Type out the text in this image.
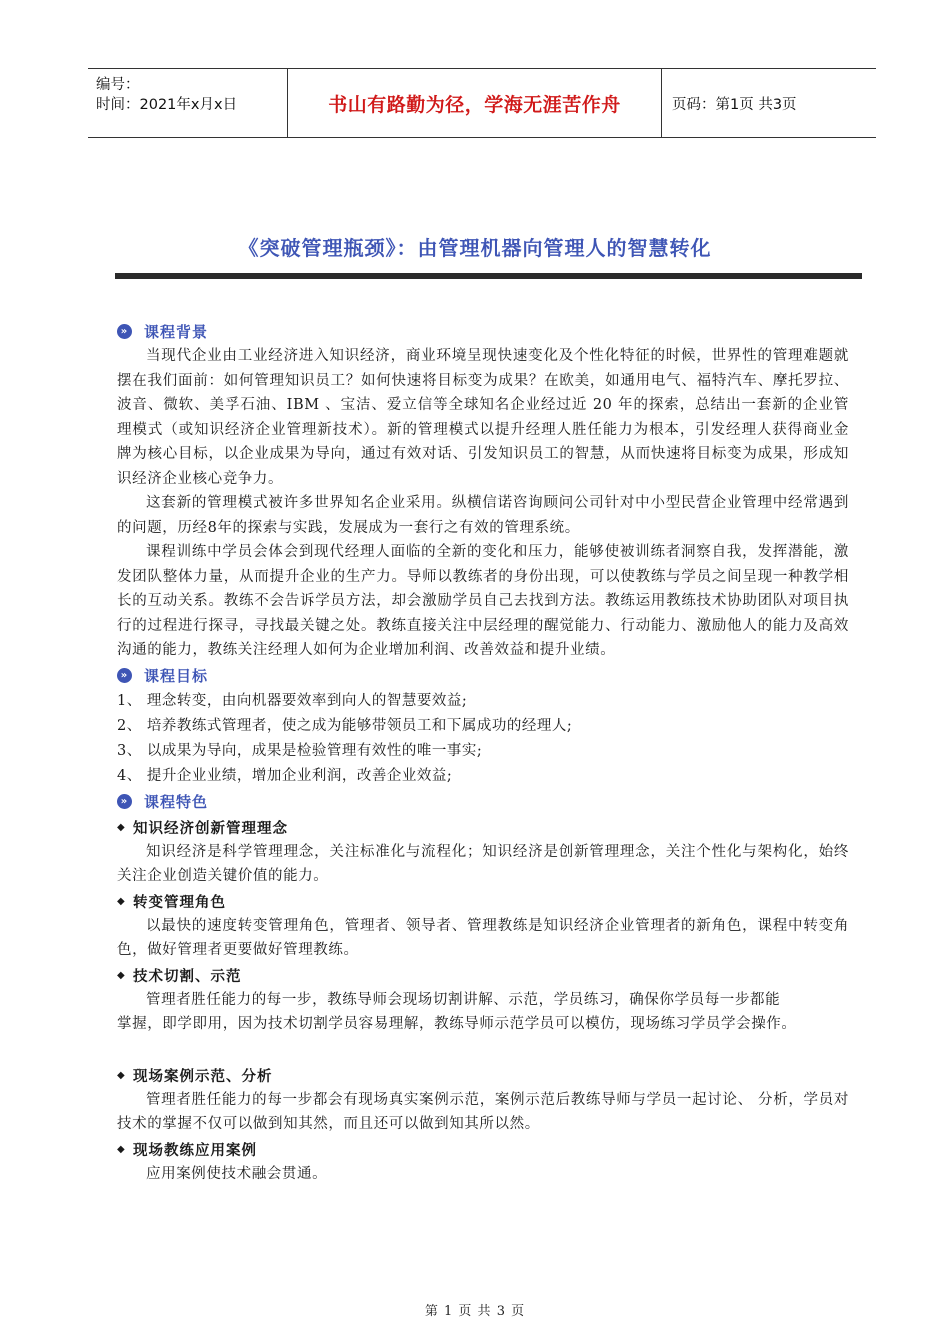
编号：
时间：2021年x月x日	书山有路勤为径，学海无涯苦作舟	页码：第1页 共3页
《突破管理瓶颈》：由管理机器向管理人的智慧转化
» 课程背景

当现代企业由工业经济进入知识经济，商业环境呈现快速变化及个性化特征的时候，世界性的管理难题就摆在我们面前：如何管理知识员工？如何快速将目标变为成果？在欧美，如通用电气、福特汽车、摩托罗拉、波音、微软、美孚石油、IBM 、宝洁、爱立信等全球知名企业经过近 20 年的探索，总结出一套新的企业管理模式（或知识经济企业管理新技术）。新的管理模式以提升经理人胜任能力为根本，引发经理人获得商业金牌为核心目标，以企业成果为导向，通过有效对话、引发知识员工的智慧，从而快速将目标变为成果，形成知识经济企业核心竞争力。

这套新的管理模式被许多世界知名企业采用。纵横信诺咨询顾问公司针对中小型民营企业管理中经常遇到的问题，历经8年的探索与实践，发展成为一套行之有效的管理系统。

课程训练中学员会体会到现代经理人面临的全新的变化和压力，能够使被训练者洞察自我，发挥潜能，激发团队整体力量，从而提升企业的生产力。导师以教练者的身份出现，可以使教练与学员之间呈现一种教学相长的互动关系。教练不会告诉学员方法，却会激励学员自己去找到方法。教练运用教练技术协助团队对项目执行的过程进行探寻，寻找最关键之处。教练直接关注中层经理的醒觉能力、行动能力、激励他人的能力及高效沟通的能力，教练关注经理人如何为企业增加利润、改善效益和提升业绩。

» 课程目标

1、 理念转变，由向机器要效率到向人的智慧要效益;

2、 培养教练式管理者，使之成为能够带领员工和下属成功的经理人;

3、 以成果为导向，成果是检验管理有效性的唯一事实;

4、 提升企业业绩，增加企业利润，改善企业效益;

» 课程特色
◆ 知识经济创新管理理念

知识经济是科学管理理念，关注标准化与流程化；知识经济是创新管理理念，关注个性化与架构化，始终关注企业创造关键价值的能力。

◆ 转变管理角色

以最快的速度转变管理角色，管理者、领导者、管理教练是知识经济企业管理者的新角色，课程中转变角色，做好管理者更要做好管理教练。

◆ 技术切割、示范

管理者胜任能力的每一步，教练导师会现场切割讲解、示范，学员练习，确保你学员每一步都能

掌握，即学即用，因为技术切割学员容易理解，教练导师示范学员可以模仿，现场练习学员学会操作。

◆ 现场案例示范、分析

管理者胜任能力的每一步都会有现场真实案例示范，案例示范后教练导师与学员一起讨论、 分析，学员对技术的掌握不仅可以做到知其然，而且还可以做到知其所以然。

◆ 现场教练应用案例

应用案例使技术融会贯通。

第 1 页 共 3 页
